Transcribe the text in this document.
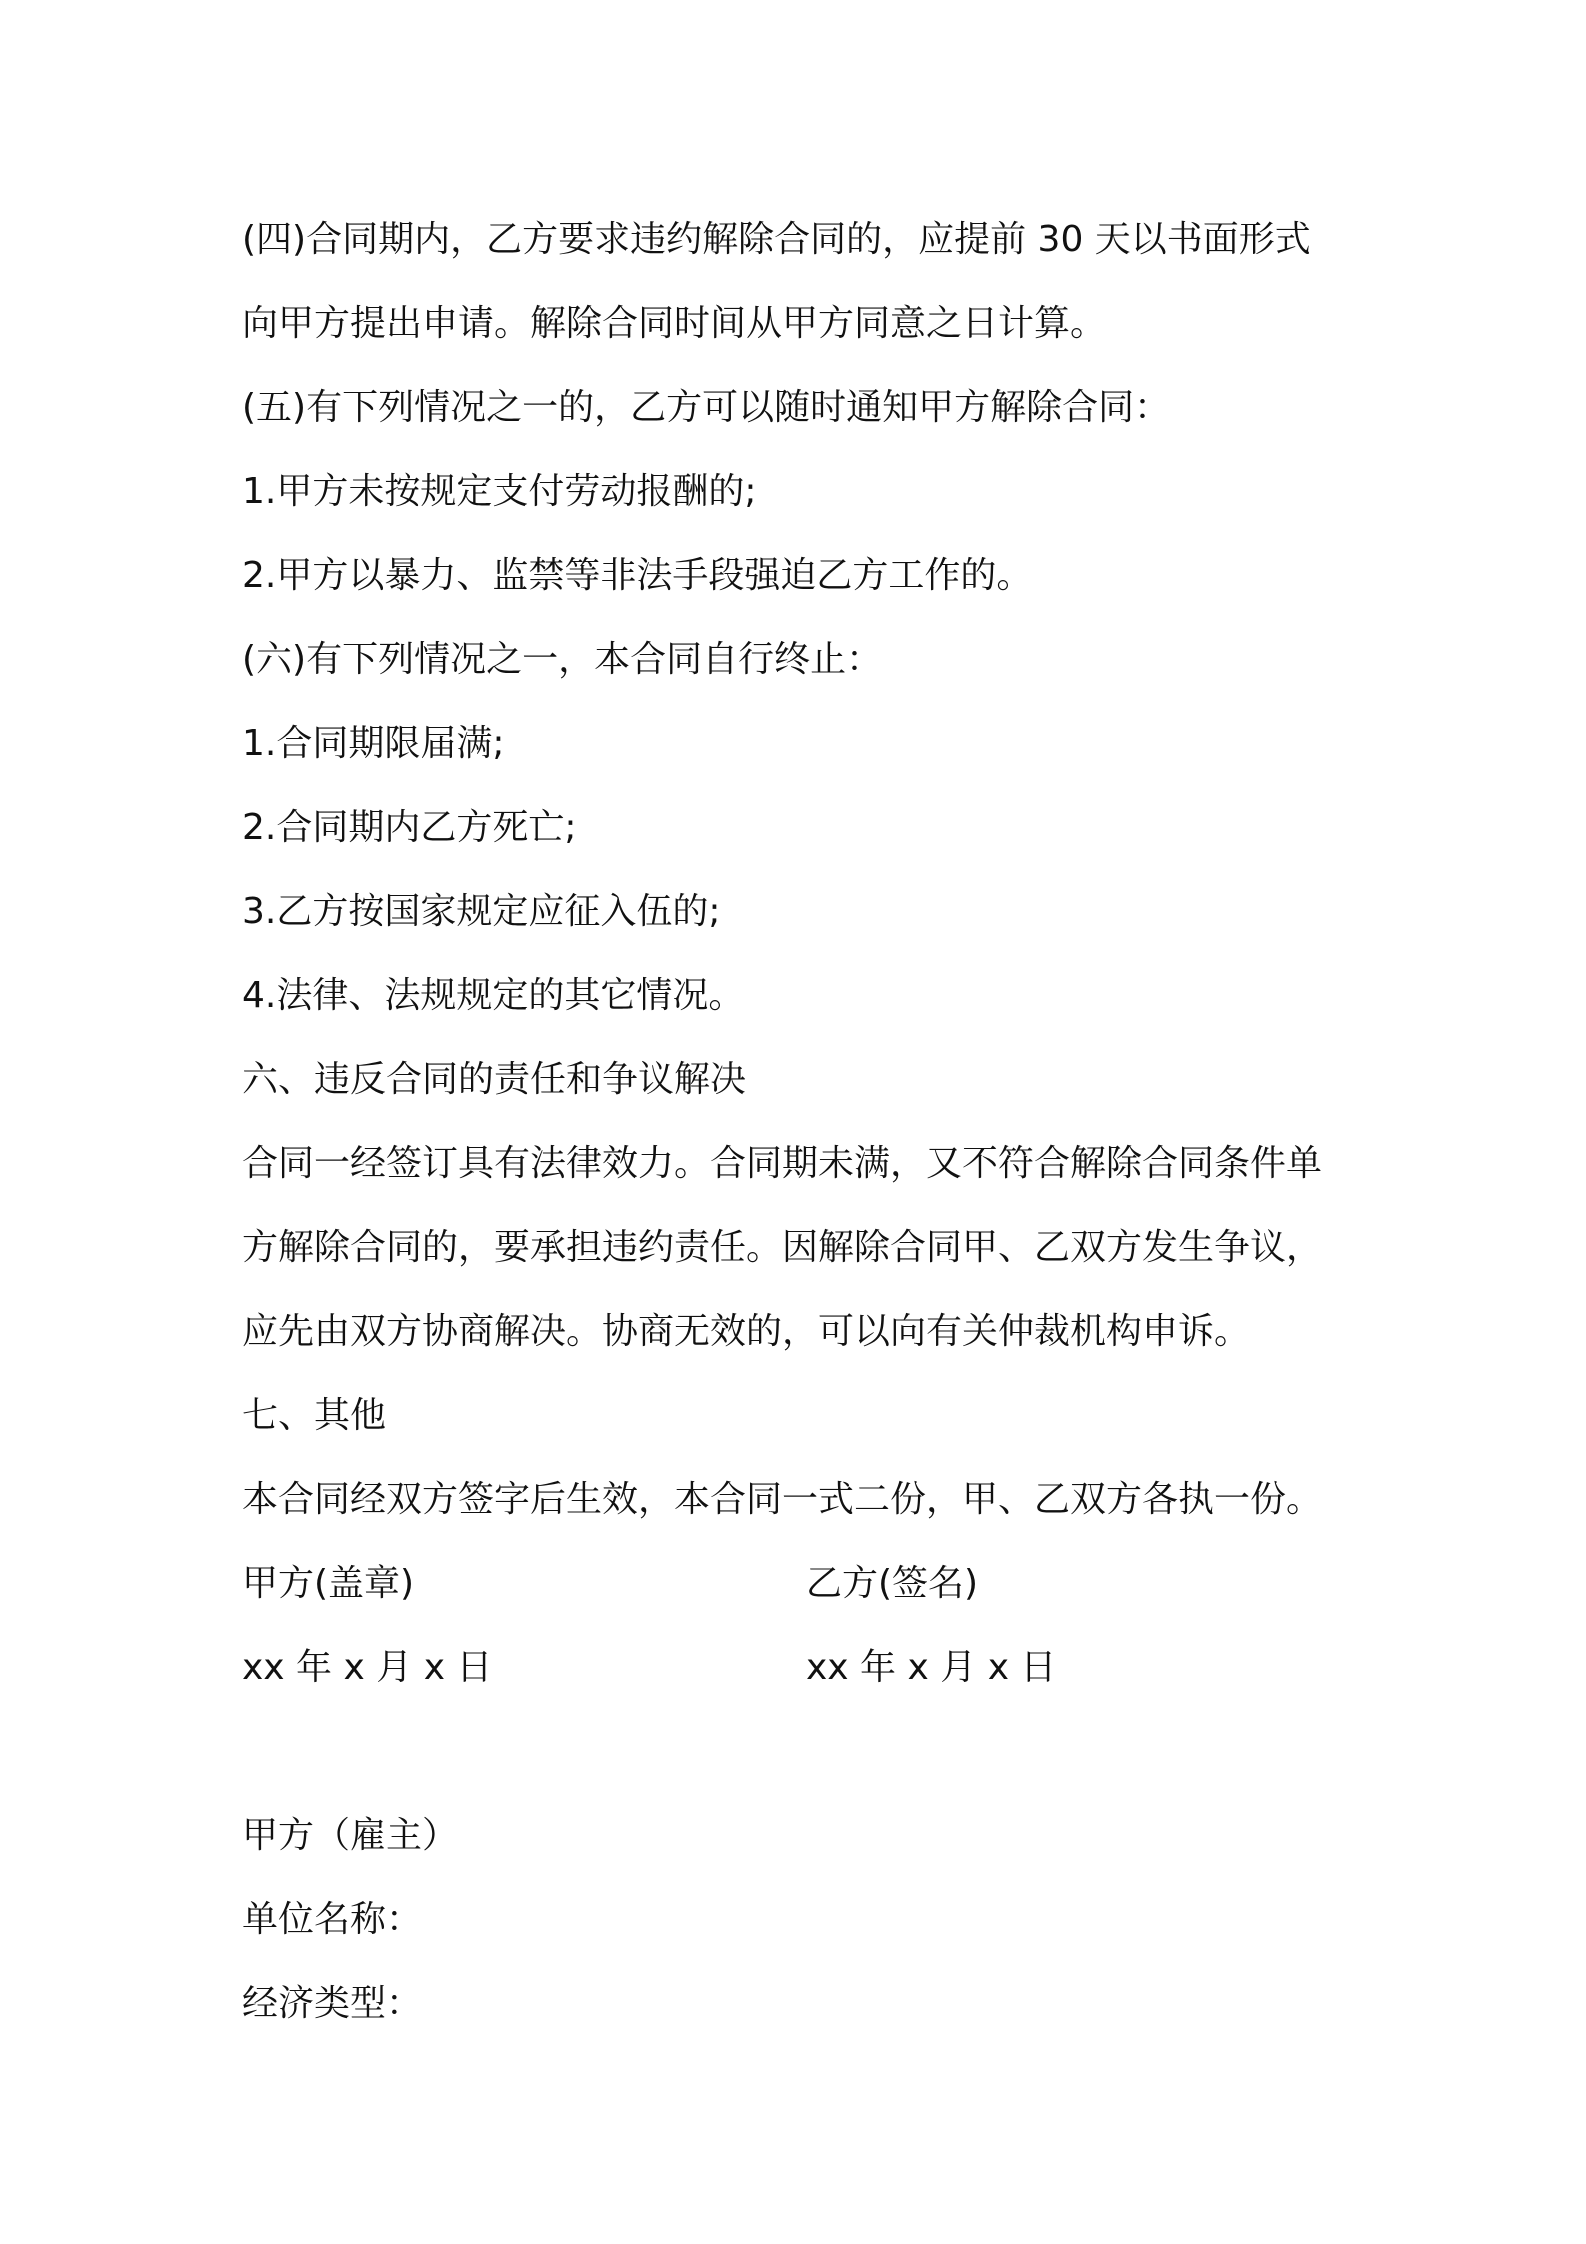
(四)合同期内，乙方要求违约解除合同的，应提前 30 天以书面形式
向甲方提出申请。解除合同时间从甲方同意之日计算。
(五)有下列情况之一的，乙方可以随时通知甲方解除合同：
1.甲方未按规定支付劳动报酬的;
2.甲方以暴力、监禁等非法手段强迫乙方工作的。
(六)有下列情况之一，本合同自行终止：
1.合同期限届满;
2.合同期内乙方死亡;
3.乙方按国家规定应征入伍的;
4.法律、法规规定的其它情况。
六、违反合同的责任和争议解决
合同一经签订具有法律效力。合同期未满，又不符合解除合同条件单
方解除合同的，要承担违约责任。因解除合同甲、乙双方发生争议，
应先由双方协商解决。协商无效的，可以向有关仲裁机构申诉。
七、其他
本合同经双方签字后生效，本合同一式二份，甲、乙双方各执一份。
甲方(盖章)	乙方(签名)
xx 年 x 月 x 日	xx 年 x 月 x 日
甲方（雇主）
单位名称：
经济类型：
